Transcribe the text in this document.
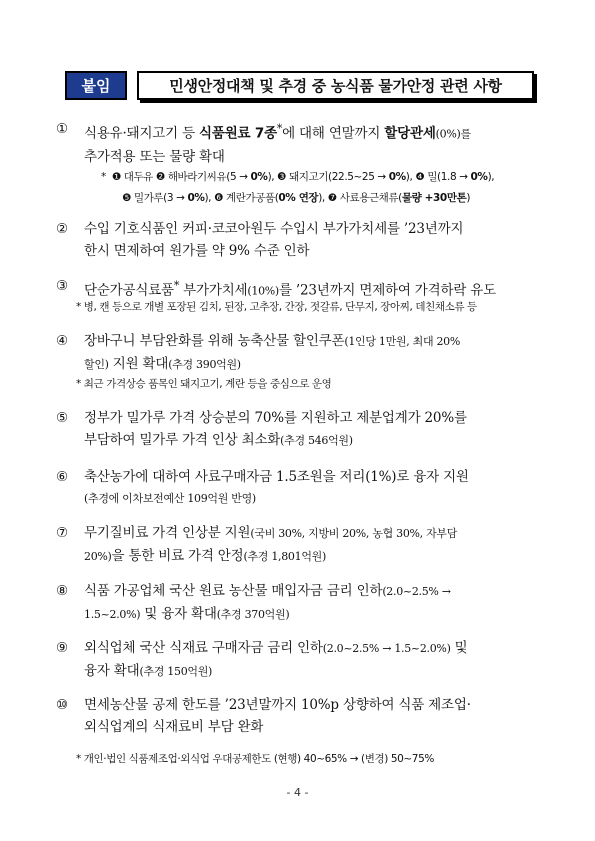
붙임	민생안정대책 및 추경 중 농식품 물가안정 관련 사항
①	식용유·돼지고기 등 식품원료 7종*에 대해 연말까지 할당관세(0%)를
추가적용 또는 물량 확대
* ❶ 대두유 ❷ 해바라기씨유(5 → 0%), ❸ 돼지고기(22.5~25 → 0%), ❹ 밀(1.8 → 0%),
❺ 밀가루(3 → 0%), ❻ 계란가공품(0% 연장), ❼ 사료용근채류(물량 +30만톤)
②	수입 기호식품인 커피·코코아원두 수입시 부가가치세를 ’23년까지
한시 면제하여 원가를 약 9% 수준 인하
③	단순가공식료품* 부가가치세(10%)를 ’23년까지 면제하여 가격하락 유도
* 병, 캔 등으로 개별 포장된 김치, 된장, 고추장, 간장, 젓갈류, 단무지, 장아찌, 데친채소류 등
④	장바구니 부담완화를 위해 농축산물 할인쿠폰(1인당 1만원, 최대 20%
할인) 지원 확대(추경 390억원)
* 최근 가격상승 품목인 돼지고기, 계란 등을 중심으로 운영
⑤	정부가 밀가루 가격 상승분의 70%를 지원하고 제분업계가 20%를
부담하여 밀가루 가격 인상 최소화(추경 546억원)
⑥	축산농가에 대하여 사료구매자금 1.5조원을 저리(1%)로 융자 지원
(추경에 이차보전예산 109억원 반영)
⑦	무기질비료 가격 인상분 지원(국비 30%, 지방비 20%, 농협 30%, 자부담
20%)을 통한 비료 가격 안정(추경 1,801억원)
⑧	식품 가공업체 국산 원료 농산물 매입자금 금리 인하(2.0~2.5% →
1.5~2.0%) 및 융자 확대(추경 370억원)
⑨	외식업체 국산 식재료 구매자금 금리 인하(2.0~2.5% → 1.5~2.0%) 및
융자 확대(추경 150억원)
⑩	면세농산물 공제 한도를 ’23년말까지 10%p 상향하여 식품 제조업·
외식업계의 식재료비 부담 완화
* 개인·법인 식품제조업·외식업 우대공제한도 (현행) 40~65% → (변경) 50~75%
- 4 -
